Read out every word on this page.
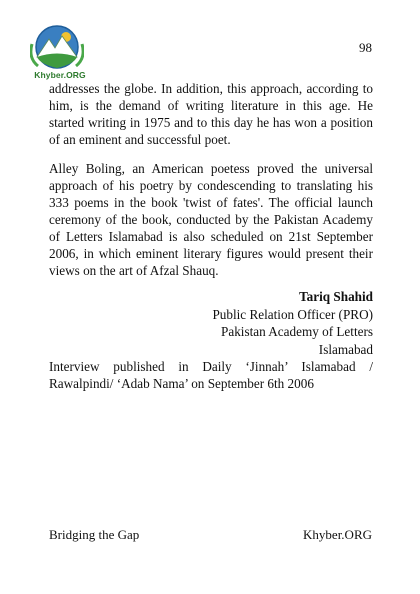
Khyber.ORG
98

addresses the globe. In addition, this approach, according to him, is the demand of writing literature in this age. He started writing in 1975 and to this day he has won a position of an eminent and successful poet.

Alley Boling, an American poetess proved the universal approach of his poetry by condescending to translating his 333 poems in the book 'twist of fates'. The official launch ceremony of the book, conducted by the Pakistan Academy of Letters Islamabad is also scheduled on 21st September 2006, in which eminent literary figures would present their views on the art of Afzal Shauq.

Tariq Shahid
Public Relation Officer (PRO)
Pakistan Academy of Letters
Islamabad

Interview published in Daily ‘Jinnah’ Islamabad / Rawalpindi/ ‘Adab Nama’ on September 6th 2006

Bridging the Gap	Khyber.ORG
